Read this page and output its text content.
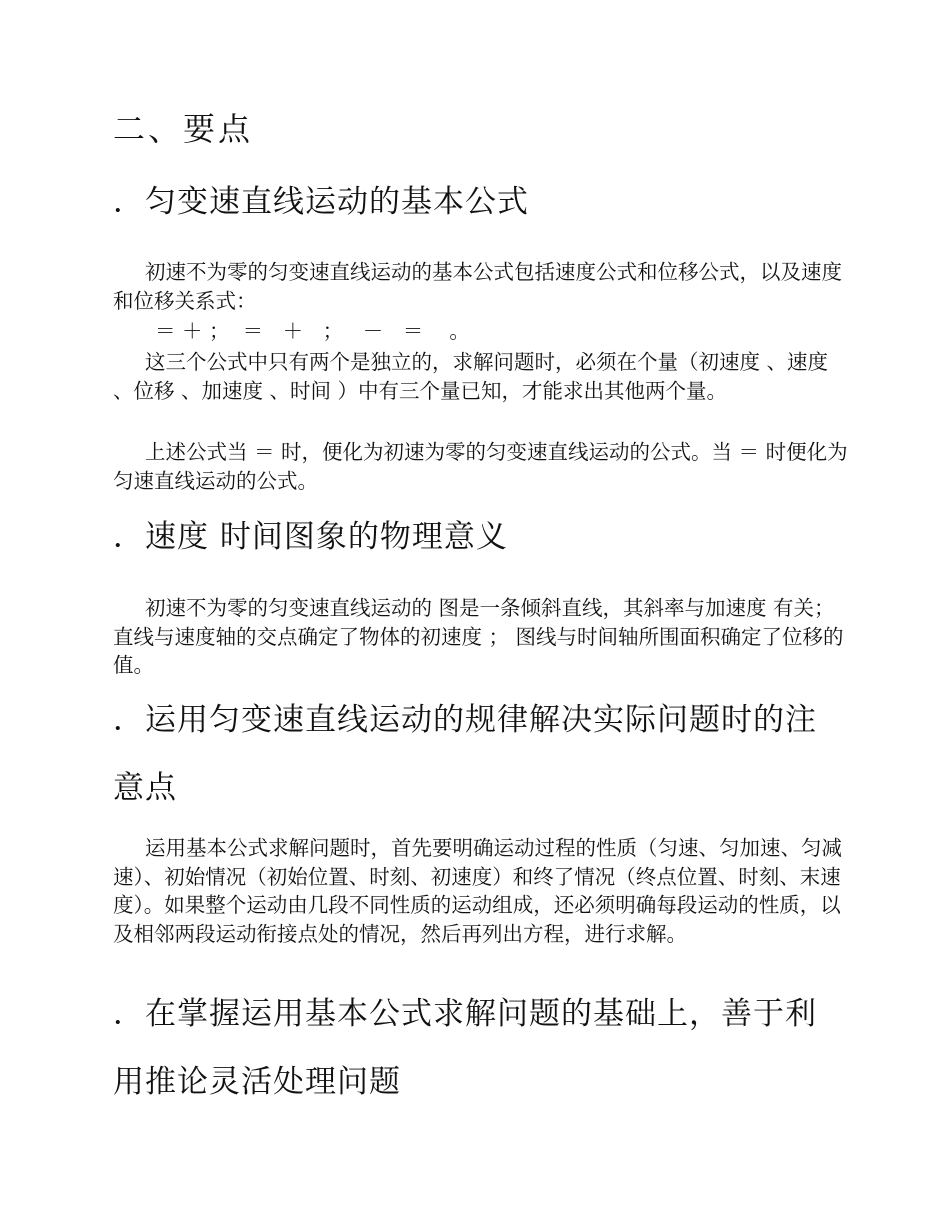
二、要点
．匀变速直线运动的基本公式

初速不为零的匀变速直线运动的基本公式包括速度公式和位移公式，以及速度和位移关系式：

＝ ＋ ；  ＝   ＋   ；   －   ＝    。

这三个公式中只有两个是独立的，求解问题时，必须在个量（初速度 、速度 、位移 、加速度 、时间 ）中有三个量已知，才能求出其他两个量。

上述公式当 ＝ 时，便化为初速为零的匀变速直线运动的公式。当 ＝ 时便化为匀速直线运动的公式。

．速度 时间图象的物理意义

初速不为零的匀变速直线运动的 图是一条倾斜直线，其斜率与加速度 有关；直线与速度轴的交点确定了物体的初速度 ； 图线与时间轴所围面积确定了位移的值。

．运用匀变速直线运动的规律解决实际问题时的注意点

运用基本公式求解问题时，首先要明确运动过程的性质（匀速、匀加速、匀减速）、初始情况（初始位置、时刻、初速度）和终了情况（终点位置、时刻、末速度）。如果整个运动由几段不同性质的运动组成，还必须明确每段运动的性质，以及相邻两段运动衔接点处的情况，然后再列出方程，进行求解。

．在掌握运用基本公式求解问题的基础上，善于利用推论灵活处理问题
